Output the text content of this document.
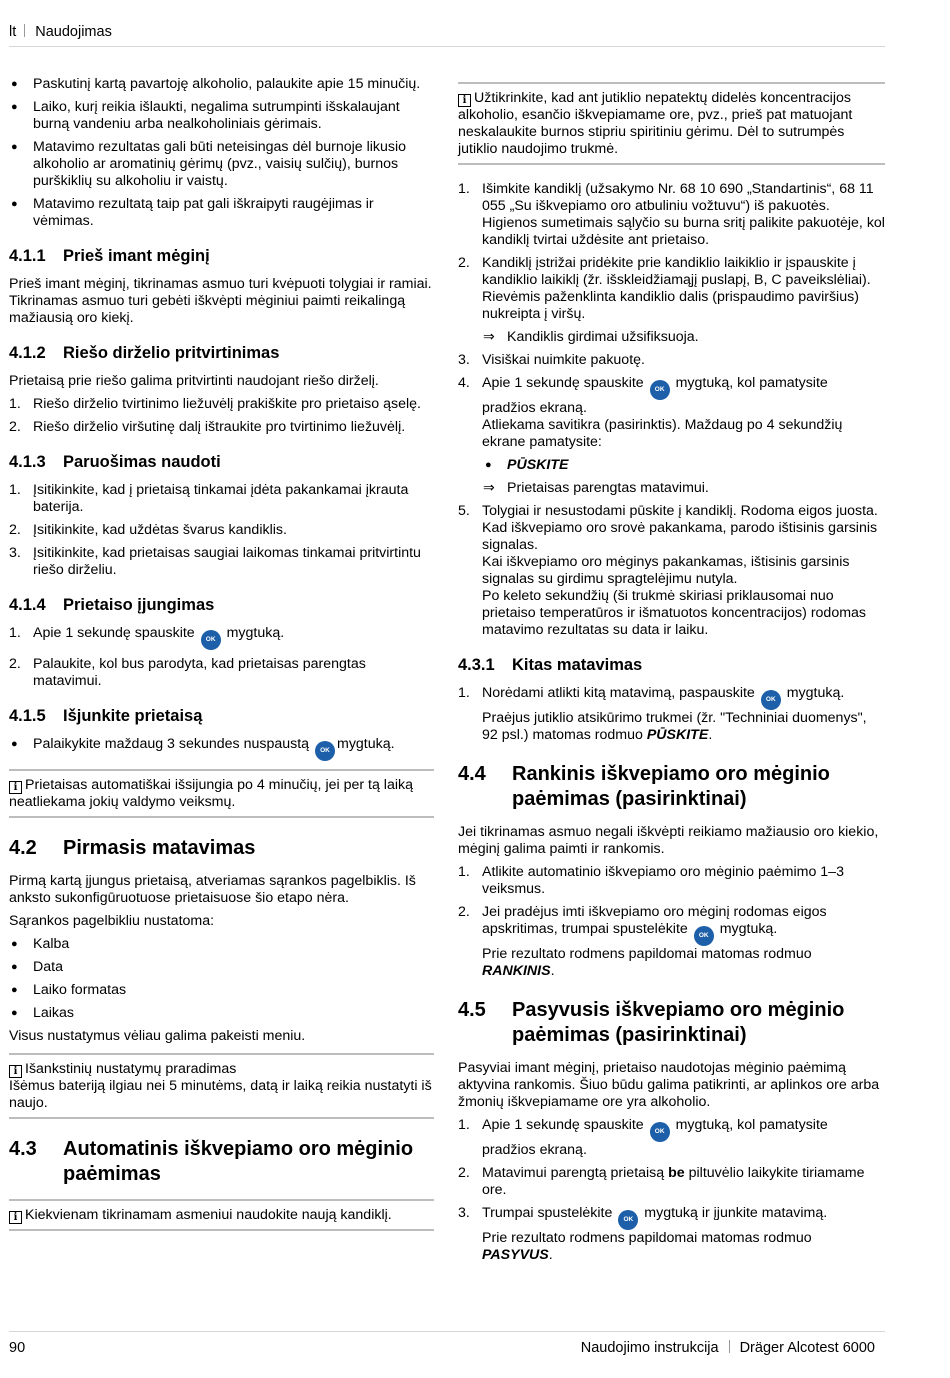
lt Naudojimas
● Paskutinį kartą pavartoję alkoholio, palaukite apie 15 minučių.
● Laiko, kurį reikia išlaukti, negalima sutrumpinti išskalaujant burną vandeniu arba nealkoholiniais gėrimais.
● Matavimo rezultatas gali būti neteisingas dėl burnoje likusio alkoholio ar aromatinių gėrimų (pvz., vaisių sulčių), burnos purškiklių su alkoholiu ir vaistų.
● Matavimo rezultatą taip pat gali iškraipyti raugėjimas ir vėmimas.
4.1.1 Prieš imant mėginį

Prieš imant mėginį, tikrinamas asmuo turi kvėpuoti tolygiai ir ramiai. Tikrinamas asmuo turi gebėti iškvėpti mėginiui paimti reikalingą mažiausią oro kiekį.

4.1.2 Riešo dirželio pritvirtinimas

Prietaisą prie riešo galima pritvirtinti naudojant riešo dirželį.

1. Riešo dirželio tvirtinimo liežuvėlį prakiškite pro prietaiso ąselę.
2. Riešo dirželio viršutinę dalį ištraukite pro tvirtinimo liežuvėlį.
4.1.3 Paruošimas naudoti
1. Įsitikinkite, kad į prietaisą tinkamai įdėta pakankamai įkrauta baterija.
2. Įsitikinkite, kad uždėtas švarus kandiklis.
3. Įsitikinkite, kad prietaisas saugiai laikomas tinkamai pritvirtintu riešo dirželiu.
4.1.4 Prietaiso įjungimas
1. Apie 1 sekundę spauskite OK mygtuką.
2. Palaukite, kol bus parodyta, kad prietaisas parengtas matavimui.
4.1.5 Išjunkite prietaisą
● Palaikykite maždaug 3 sekundes nuspaustą OK mygtuką.
i Prietaisas automatiškai išsijungia po 4 minučių, jei per tą laiką neatliekama jokių valdymo veiksmų.
4.2 Pirmasis matavimas

Pirmą kartą įjungus prietaisą, atveriamas sąrankos pagelbiklis. Iš anksto sukonfigūruotuose prietaisuose šio etapo nėra.

Sąrankos pagelbikliu nustatoma:

● Kalba
● Data
● Laiko formatas
● Laikas

Visus nustatymus vėliau galima pakeisti meniu.

i Išankstinių nustatymų praradimas
Išėmus bateriją ilgiau nei 5 minutėms, datą ir laiką reikia nustatyti iš naujo.
4.3 Automatinis iškvepiamo oro mėginio paėmimas
i Kiekvienam tikrinamam asmeniui naudokite naują kandiklį.
i Užtikrinkite, kad ant jutiklio nepatektų didelės koncentracijos alkoholio, esančio iškvepiamame ore, pvz., prieš pat matuojant neskalaukite burnos stipriu spiritiniu gėrimu. Dėl to sutrumpės jutiklio naudojimo trukmė.
1. Išimkite kandiklį (užsakymo Nr. 68 10 690 „Standartinis“, 68 11 055 „Su iškvepiamo oro atbuliniu vožtuvu“) iš pakuotės.
Higienos sumetimais sąlyčio su burna sritį palikite pakuotėje, kol kandiklį tvirtai uždėsite ant prietaiso.
2. Kandiklį įstrižai pridėkite prie kandiklio laikiklio ir įspauskite į kandiklio laikiklį (žr. išskleidžiamąjį puslapį, B, C paveikslėliai).
Rievėmis paženklinta kandiklio dalis (prispaudimo paviršius) nukreipta į viršų.
⇒ Kandiklis girdimai užsifiksuoja.
3. Visiškai nuimkite pakuotę.
4. Apie 1 sekundę spauskite OK mygtuką, kol pamatysite pradžios ekraną.
Atliekama savitikra (pasirinktis). Maždaug po 4 sekundžių ekrane pamatysite:
● PŪSKITE
⇒ Prietaisas parengtas matavimui.
5. Tolygiai ir nesustodami pūskite į kandiklį. Rodoma eigos juosta. Kad iškvepiamo oro srovė pakankama, parodo ištisinis garsinis signalas.
Kai iškvepiamo oro mėginys pakankamas, ištisinis garsinis signalas su girdimu spragtelėjimu nutyla.
Po keleto sekundžių (ši trukmė skiriasi priklausomai nuo prietaiso temperatūros ir išmatuotos koncentracijos) rodomas matavimo rezultatas su data ir laiku.
4.3.1 Kitas matavimas
1. Norėdami atlikti kitą matavimą, paspauskite OK mygtuką.
Praėjus jutiklio atsikūrimo trukmei (žr. "Techniniai duomenys", 92 psl.) matomas rodmuo PŪSKITE.
4.4 Rankinis iškvepiamo oro mėginio paėmimas (pasirinktinai)

Jei tikrinamas asmuo negali iškvėpti reikiamo mažiausio oro kiekio, mėginį galima paimti ir rankomis.

1. Atlikite automatinio iškvepiamo oro mėginio paėmimo 1–3 veiksmus.
2. Jei pradėjus imti iškvepiamo oro mėginį rodomas eigos apskritimas, trumpai spustelėkite OK mygtuką.
Prie rezultato rodmens papildomai matomas rodmuo RANKINIS.
4.5 Pasyvusis iškvepiamo oro mėginio paėmimas (pasirinktinai)

Pasyviai imant mėginį, prietaiso naudotojas mėginio paėmimą aktyvina rankomis. Šiuo būdu galima patikrinti, ar aplinkos ore arba žmonių iškvepiamame ore yra alkoholio.

1. Apie 1 sekundę spauskite OK mygtuką, kol pamatysite pradžios ekraną.
2. Matavimui parengtą prietaisą be piltuvėlio laikykite tiriamame ore.
3. Trumpai spustelėkite OK mygtuką ir įjunkite matavimą.
Prie rezultato rodmens papildomai matomas rodmuo PASYVUS.
90	Naudojimo instrukcija Dräger Alcotest 6000
